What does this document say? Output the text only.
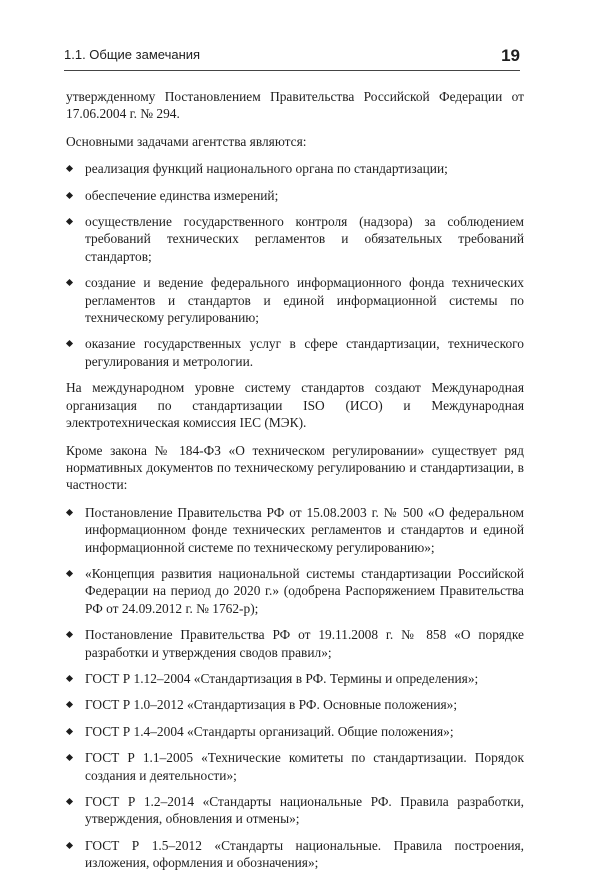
1.1. Общие замечания	19

утвержденному Постановлением Правительства Российской Федерации от 17.06.2004 г. № 294.

Основными задачами агентства являются:

реализация функций национального органа по стандартизации;
обеспечение единства измерений;
осуществление государственного контроля (надзора) за соблюдением требований технических регламентов и обязательных требований стандартов;
создание и ведение федерального информационного фонда технических регламентов и стандартов и единой информационной системы по техническому регулированию;
оказание государственных услуг в сфере стандартизации, технического регулирования и метрологии.

На международном уровне систему стандартов создают Международная организация по стандартизации ISO (ИСО) и Международная электротехническая комиссия IEC (МЭК).

Кроме закона № 184-ФЗ «О техническом регулировании» существует ряд нормативных документов по техническому регулированию и стандартизации, в частности:

Постановление Правительства РФ от 15.08.2003 г. № 500 «О федеральном информационном фонде технических регламентов и стандартов и единой информационной системе по техническому регулированию»;
«Концепция развития национальной системы стандартизации Российской Федерации на период до 2020 г.» (одобрена Распоряжением Правительства РФ от 24.09.2012 г. № 1762-р);
Постановление Правительства РФ от 19.11.2008 г. № 858 «О порядке разработки и утверждения сводов правил»;
ГОСТ Р 1.12–2004 «Стандартизация в РФ. Термины и определения»;
ГОСТ Р 1.0–2012 «Стандартизация в РФ. Основные положения»;
ГОСТ Р 1.4–2004 «Стандарты организаций. Общие положения»;
ГОСТ Р 1.1–2005 «Технические комитеты по стандартизации. Порядок создания и деятельности»;
ГОСТ Р 1.2–2014 «Стандарты национальные РФ. Правила разработки, утверждения, обновления и отмены»;
ГОСТ Р 1.5–2012 «Стандарты национальные. Правила построения, изложения, оформления и обозначения»;
